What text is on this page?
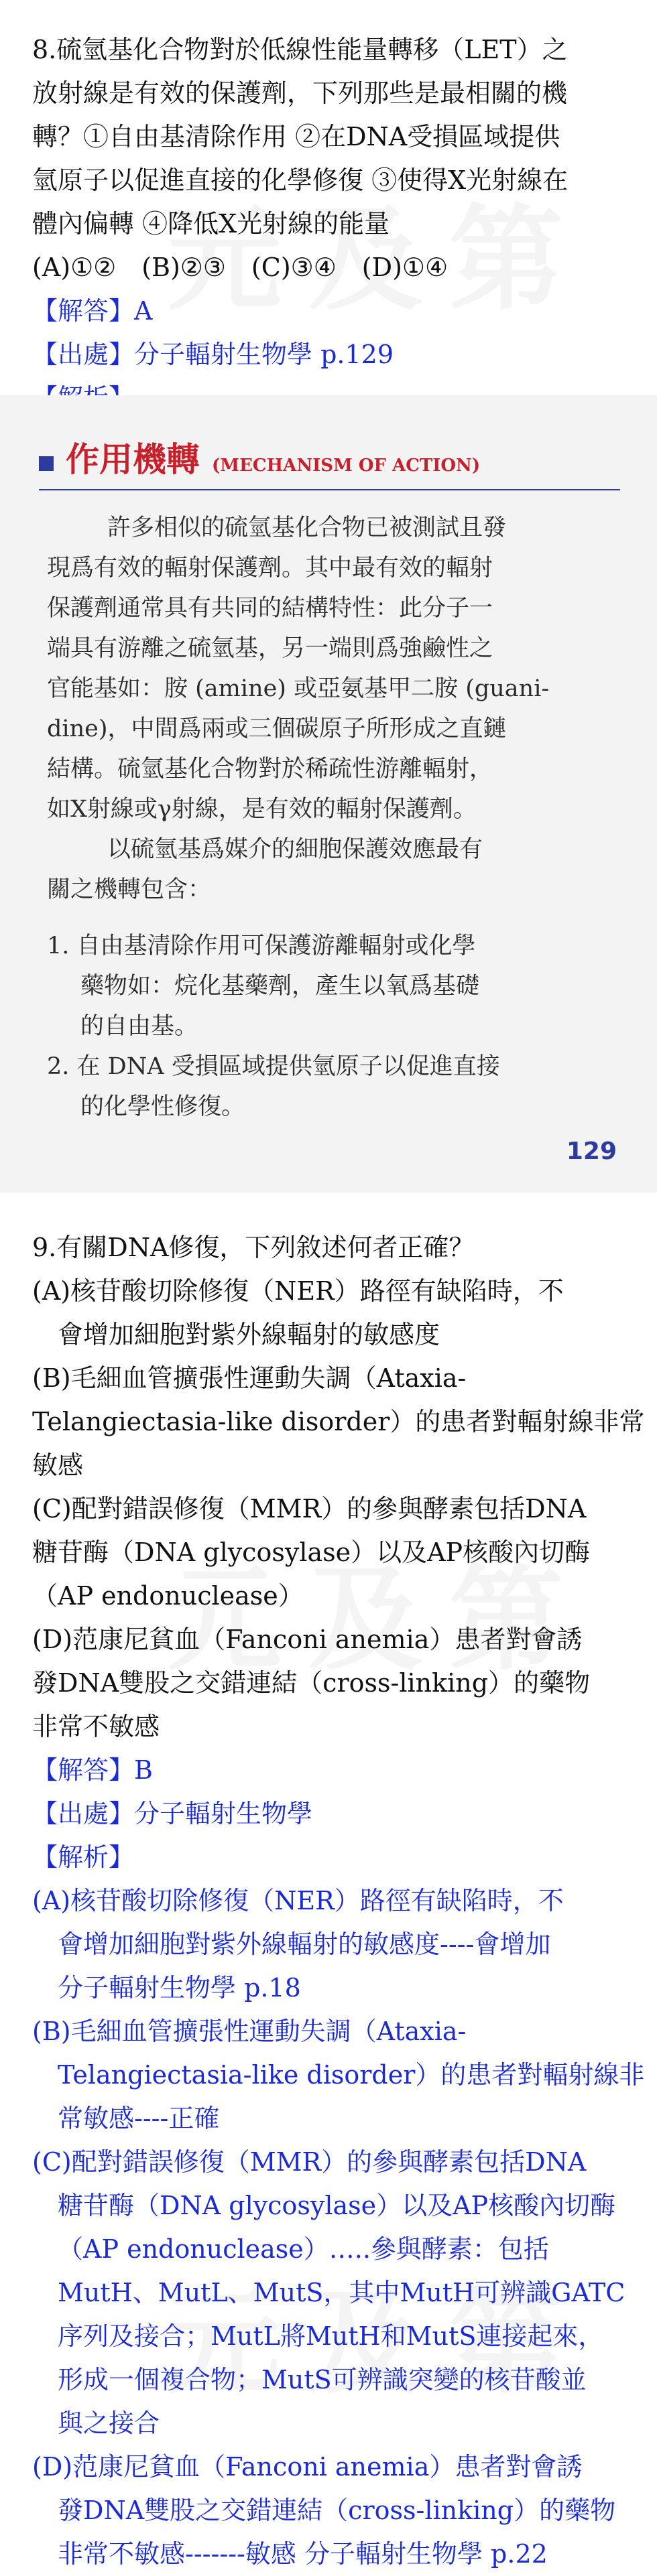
8.硫氫基化合物對於低線性能量轉移（LET）之
放射線是有效的保護劑，下列那些是最相關的機
轉？①自由基清除作用 ②在DNA受損區域提供
氫原子以促進直接的化學修復 ③使得X光射線在
體內偏轉 ④降低X光射線的能量
(A)①②　(B)②③　(C)③④　(D)①④
【解答】A
【出處】分子輻射生物學 p.129
作用機轉 (MECHANISM OF ACTION)
許多相似的硫氫基化合物已被測試且發
現爲有效的輻射保護劑。其中最有效的輻射
保護劑通常具有共同的結構特性：此分子一
端具有游離之硫氫基，另一端則爲強鹼性之
官能基如：胺 (amine) 或亞氨基甲二胺 (guani-
dine)，中間爲兩或三個碳原子所形成之直鏈
結構。硫氫基化合物對於稀疏性游離輻射，
如X射線或γ射線，是有效的輻射保護劑。
以硫氫基爲媒介的細胞保護效應最有
關之機轉包含：
1. 自由基清除作用可保護游離輻射或化學
藥物如：烷化基藥劑，產生以氧爲基礎
的自由基。
2. 在 DNA 受損區域提供氫原子以促進直接
的化學性修復。
129
9.有關DNA修復，下列敘述何者正確？
(A)核苷酸切除修復（NER）路徑有缺陷時，不
會增加細胞對紫外線輻射的敏感度
(B)毛細血管擴張性運動失調（Ataxia-
Telangiectasia-like disorder）的患者對輻射線非常
敏感
(C)配對錯誤修復（MMR）的參與酵素包括DNA
糖苷酶（DNA glycosylase）以及AP核酸內切酶
（AP endonuclease）
(D)范康尼貧血（Fanconi anemia）患者對會誘
發DNA雙股之交錯連結（cross-linking）的藥物
非常不敏感
【解答】B
【出處】分子輻射生物學
【解析】
(A)核苷酸切除修復（NER）路徑有缺陷時，不
會增加細胞對紫外線輻射的敏感度----會增加
分子輻射生物學 p.18
(B)毛細血管擴張性運動失調（Ataxia-
Telangiectasia-like disorder）的患者對輻射線非
常敏感----正確
(C)配對錯誤修復（MMR）的參與酵素包括DNA
糖苷酶（DNA glycosylase）以及AP核酸內切酶
（AP endonuclease）…..參與酵素：包括
MutH、MutL、MutS，其中MutH可辨識GATC
序列及接合；MutL將MutH和MutS連接起來，
形成一個複合物；MutS可辨識突變的核苷酸並
與之接合
(D)范康尼貧血（Fanconi anemia）患者對會誘
發DNA雙股之交錯連結（cross-linking）的藥物
非常不敏感-------敏感 分子輻射生物學 p.22
